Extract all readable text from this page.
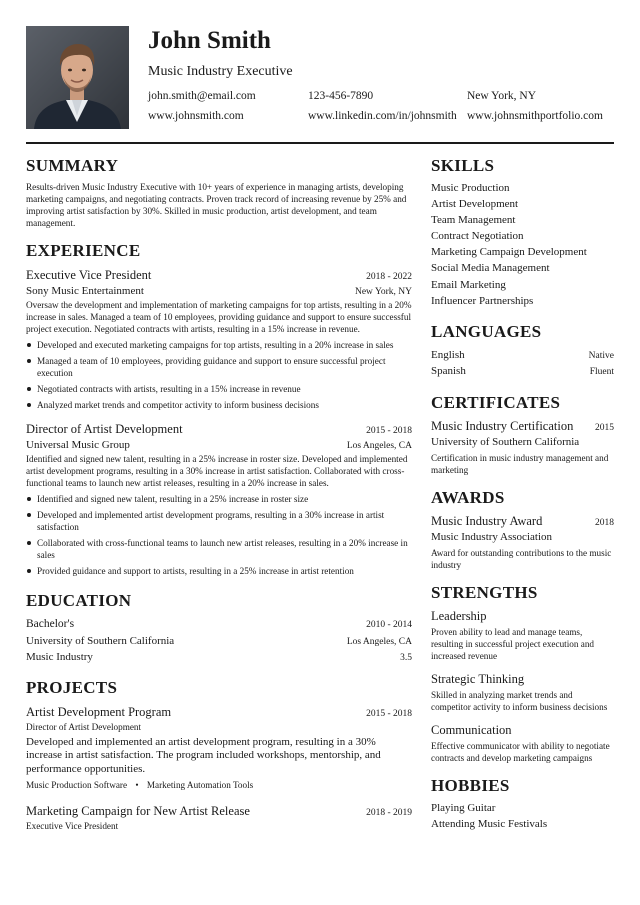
John Smith
Music Industry Executive
john.smith@email.com	123-456-7890	New York, NY
www.johnsmith.com	www.linkedin.com/in/johnsmith www.johnsmithportfolio.com
SUMMARY
Results-driven Music Industry Executive with 10+ years of experience in managing artists, developing marketing campaigns, and negotiating contracts. Proven track record of increasing revenue by 25% and improving artist satisfaction by 30%. Skilled in music production, artist development, and team management.
EXPERIENCE
Executive Vice President	2018 - 2022
Sony Music Entertainment	New York, NY
Oversaw the development and implementation of marketing campaigns for top artists, resulting in a 20% increase in sales. Managed a team of 10 employees, providing guidance and support to ensure successful project execution. Negotiated contracts with artists, resulting in a 15% increase in revenue.
Developed and executed marketing campaigns for top artists, resulting in a 20% increase in sales
Managed a team of 10 employees, providing guidance and support to ensure successful project execution
Negotiated contracts with artists, resulting in a 15% increase in revenue
Analyzed market trends and competitor activity to inform business decisions
Director of Artist Development	2015 - 2018
Universal Music Group	Los Angeles, CA
Identified and signed new talent, resulting in a 25% increase in roster size. Developed and implemented artist development programs, resulting in a 30% increase in artist satisfaction. Collaborated with cross-functional teams to launch new artist releases, resulting in a 20% increase in sales.
Identified and signed new talent, resulting in a 25% increase in roster size
Developed and implemented artist development programs, resulting in a 30% increase in artist satisfaction
Collaborated with cross-functional teams to launch new artist releases, resulting in a 20% increase in sales
Provided guidance and support to artists, resulting in a 25% increase in artist retention
EDUCATION
Bachelor's	2010 - 2014
University of Southern California	Los Angeles, CA
Music Industry	3.5
PROJECTS
Artist Development Program	2015 - 2018
Director of Artist Development
Developed and implemented an artist development program, resulting in a 30% increase in artist satisfaction. The program included workshops, mentorship, and performance opportunities.
Music Production Software • Marketing Automation Tools
Marketing Campaign for New Artist Release	2018 - 2019
Executive Vice President
SKILLS
Music Production
Artist Development
Team Management
Contract Negotiation
Marketing Campaign Development
Social Media Management
Email Marketing
Influencer Partnerships
LANGUAGES
English	Native
Spanish	Fluent
CERTIFICATES
Music Industry Certification 2015
University of Southern California
Certification in music industry management and marketing
AWARDS
Music Industry Award	2018
Music Industry Association
Award for outstanding contributions to the music industry
STRENGTHS
Leadership
Proven ability to lead and manage teams, resulting in successful project execution and increased revenue
Strategic Thinking
Skilled in analyzing market trends and competitor activity to inform business decisions
Communication
Effective communicator with ability to negotiate contracts and develop marketing campaigns
HOBBIES
Playing Guitar
Attending Music Festivals
